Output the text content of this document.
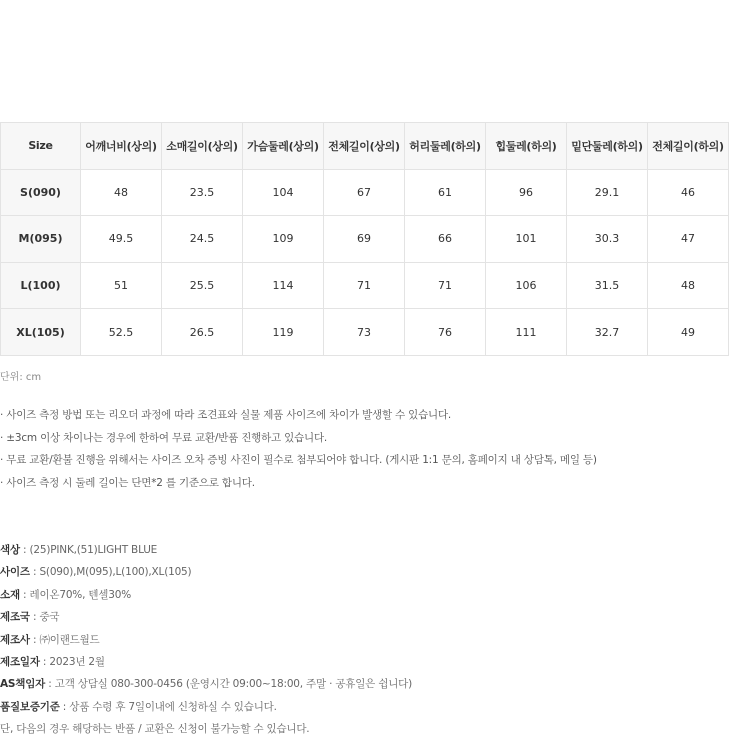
Size	어깨너비(상의)	소매길이(상의)	가슴둘레(상의)	전체길이(상의)	허리둘레(하의)	힙둘레(하의)	밑단둘레(하의)	전체길이(하의)
S(090)	48	23.5	104	67	61	96	29.1	46
M(095)	49.5	24.5	109	69	66	101	30.3	47
L(100)	51	25.5	114	71	71	106	31.5	48
XL(105)	52.5	26.5	119	73	76	111	32.7	49
단위: cm
· 사이즈 측정 방법 또는 리오더 과정에 따라 조견표와 실물 제품 사이즈에 차이가 발생할 수 있습니다.
· ±3cm 이상 차이나는 경우에 한하여 무료 교환/반품 진행하고 있습니다.
· 무료 교환/환불 진행을 위해서는 사이즈 오차 증빙 사진이 필수로 첨부되어야 합니다. (게시판 1:1 문의, 홈페이지 내 상담톡, 메일 등)
· 사이즈 측정 시 둘레 길이는 단면*2 를 기준으로 합니다.
색상 : (25)PINK,(51)LIGHT BLUE
사이즈 : S(090),M(095),L(100),XL(105)
소재 : 레이온70%, 텐셀30%
제조국 : 중국
제조사 : ㈜이랜드월드
제조일자 : 2023년 2월
AS책임자 : 고객 상담실 080-300-0456 (운영시간 09:00~18:00, 주말 · 공휴일은 쉽니다)
품질보증기준 : 상품 수령 후 7일이내에 신청하실 수 있습니다.
단, 다음의 경우 해당하는 반품 / 교환은 신청이 불가능할 수 있습니다.
